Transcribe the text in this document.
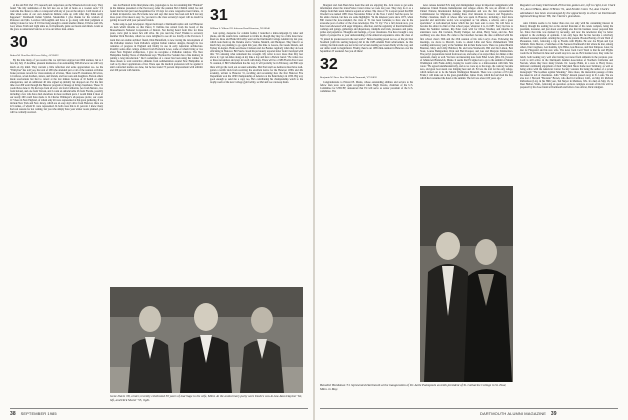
of his and Fell Owl '27's research and conjectures on the Wheelock-Occom story. They found "the tidy summaries of the fall lore are as full of holes as a woolen sock." I'd welcome the chance to talk or correspond with any of you on the subject. I still dream of a time when some of our own American Indians come up with what they think really happened." Dartmouth Indian Symbol. Meanwhile I give thanks for the wisdom of Professor and Mrs. Lovelace McLoughlin and have to go along with their judgment at letting it alone for now. If I'd lived long enough to attend another dinner, I'd have said: Oh, God, whose Truth and Light unite us, In Dartmouth, guide our hearts and minds. Grant us the grace to understand! And so to love our fellow man. Amen.

30
Robert M. Hess Box 86 Green Valley, AZ 85622

By the time many of you receive this we will have enjoyed our 60th reunion, but as I face my July 15 deadline, pleasant memories of an outstanding 50th Powwow are still very much on my mind. They warrant a little reflection and some appreciation too. As the "Thirtyites" has told you, the total of 268 who attended part or all of the reunion activities broke previous records for class reunions of all sizes. There were 83 classmates, 60 wives, 14 widows, seven brothers, sisters, and friends, and four sons and daughters. Eleven others made reservations but had to cancel at the last minute because of ill health or other emergencies, and an additional 40 who signed up initially but dropped out. For the first time over 200 went through the Hanover program of lineage of living classmates. Those 31 would have done it. We had reps from all over: six from California, two from Mexico, two from Ireland, and one from Taiwan, and I count an unbelievable 26 from Florida, possibly including a few who have died elsewhere in more northern parts. I would think it most of our nearly 200 could have made it. In Charles Widmeyer's all-purpose picnic, our count 117 more in New England, of whom only 46 were represented at this great gathering. If we include New York and New Jersey, which are an easy day's drive from Hanover, there are 221 names, of whom 91 were represented. In both cases this is 41 percent. I know many had real reasons for not coming, but you who simply have your winter roosts planned, you will be cordially received.

rate Joe Hanford in his final phone calls. (Apologies to Joe for renaming him "Hanford" in the minutes presented at the Powwow.) After the reunion Bob Chittim called Joe and found that he had just been hospitalized for 18 days for acute congestive heart failure, 11 of them in intensive care. He's home now and says that never has been told he'll last any more years if he takes it easy. So, you next to the class secretary's report will no doubt be getting in touch with your personal friends.

Some sang-to-peel newspaper clipper motivated a Dartmouth native and well Hanover an item which informs us that Pierce V. Delfino has retired from the board of the Massachusetts National Corporation of Detroit. Not having heard from Pete for three years, we're glad to know he's still alive. Do you read me, Pete? Thanks to secretary member Dick Bowden, whom we were delighted to see all too briefly at the Powwow. I learn that our erudite architect friend, Dick Butterfield, is now tracing the development of the Palladian window from Palladio's original Italian window designs, through its two centuries of progress in England and finally its use in early American architecture. Possibly some other college architect from Frederick Lowe, some of whom living or two about New England architecture, I give no recognize a Palladian window. The New Hampshire Sunday News of Manchester says "Harmon Doc Sonders has a fine memory in putting a long introduction." Doc's sometimes of a career has been using her winner for those sheets to total restrictive ailments from sedimentation around New Hampshire as well as by direct applications of her. There sees the medical profession will be against it until controlled studies are done, but he has found 73 percent improvement with arthritic and 100 percent with bursitis.

31
William L. Wilson 225 Jefferson Road Princeton, NJ 08540

Last spring, desperate for column fodder, I launched a mini-campaign by letter and phone, and the results have continued to trickle in, though they may be a little dated now. Read on. Rose and Hank McCarthy went on the Dartmouth College Alumni trip last year, which took them up the Danube and to Vienna, Munich, and Budapest. They liked it so much they are planning to go again this year, this time to Greece, the Greek Islands, and Turkey in August. Hank sees Reese Clarkson and Joe Bonnes regularly when they do look officiating in Hanover. Bill Steck closed his previously reported letter from Cleveland with this: "It's amazing what retirement has wrought. My cellar is now more than fifty feet above it; I get ten miles along on my bike a day and have a Bobcat barrel." He writes two or three newsletters and stays in touch with many. There will be a 1986 Florida East Coast 31 reunion, if Bill Schiefelbein has his way. It will probably be in February, and Bill says there will get the word out as usual sometime. Mal Pratt and Lee Andrews must have rush-gotten a terrific kick from receiving the excellent notice for the Hanover 1930s and 40s academy, written to Hanover 31, recalling and recounting how the first Hanover Fire Department won the 1930 Championship of America at the Penn Relays in 1930. Big way good enough to send me a copy too. He's contributing his championship watch to the trophy room of the new College gym facility, so Mal and Lee can keep theirs.

Gene Davis '28, center, recently celebrated 50 years of marriage to his wife, Mimi. At the anniversary party were Davis's son-in-law Alan Daymer '62, left, and Dick Sharer '55, right.
38 SEPTEMBER 1985

Margaret and Jean Bean have been fine and are enjoying life. Jack wrote to get some information about the trans-France Canal cruise we took last year. They may do it as a change from their usual Jamaica sojourn as winter. The class of '31 is expert proud that Bill Woodall was named 1985 Class Newsletter Editor of the Year. I wish I had the space for his entire citation, but here are some highlights: "In the nineteen years since 1975, when Bill created the now-standard, the class of '31 has been fortunate to have one in the awesome post of editor of the class newsletter, The '31 Up." For a full decade now, you have been showered with eager diligence, affection, and the regularity of that-Dartmouth's comings and goings, gatherings and dispersions, triumphs and trials, pleasures and pains, prides and prejudices. Thoughts and feelings, of your classmates. You have brought a rare depth of perspective to your understanding of the American experience since the class of '31 joined its predecessors in the real world." Before heading proud we too, of the job Don Stoddard (with his sterling helpers) did in the 1985 Alumni Fund achievement. At this writing, the final results are not in but we've been leading our Green Derby all the way, and our dollar result is magnificent. Finally, there's our 1985 mini-reunion in Hanover over the September 23 weekend. See you all there!

32
Benjamin W. Drew Box 264 South Yarmouth, VT 05859

Congratulations to Edward B. Marks, whose outstanding abilities and service to his fellow men were once again recognized when Hugh Downs, chairman of the U.S. Committee for UNICEF, announced that Ed will serve as senior president of the U.S. committee. The

news release detailed Ed's long and distinguished career in important assignments with numerous United Nations humanitarian and refugee efforts. He was an official of the United Nations International Refugee Organization and was the first representative Commissioner for Migration, running three vital missions in Greece and Yugoslavia. Further classmate, much of whose time was spent in Hanover, including a brief more peaceful and survivable world, was recognized as "an athlete, a scholar, and a great sportsman." A well-deserved honor which has just been ours to note. We will have to become the editor in chief of that school paper, whatever it is, in 1987. Sorry but late to make the Summer reunion, Rip Poler went wild for Oliver Weather, and informs its attendance were Jim Carleton, Hoddy Pemper, Art Allen, Harry Stout, and me. Bob Aschburg was also there. He came to the bleachers because the date conflicted with his first school class's 50th and the 25th reunion of his wife Lucy's class. Following the meetings, we drove to Marvell, Conn. to attend Lillie and Steve Zimmerman's 50th wedding anniversary party at the Summer Inn in their home town. There we joined Martin Brandon, Mary and Libby Hubbard, Bo and Gina Wentworth, Bill and Dot Limon, Bob Stout, Louise Bumgardner, Dick and Bud Pouquet, and Gus and Marjorie Zimmerman. The party's preparations lasted from noon on, and some of us stayed there for dinner at that restaurant, many as well. We have an interesting note from Ethel Lewis (Mrs. Ed.) lowest of Johnstown Brunswick, Maine. It seems that Ed signed on to go to the summit of Mount Washington with Frank Ashby, hoping he would come to a mini-reunion with him. She wrote: "He agreed unenthusiastically, and as we were up to the stage, the contrary became zero, and great boat steam was bringing heat and all. Ed was the trail for the only refuge, which turned out to be the Mount Washington Museum. There was a picture of Ed and Frank; I will make out to the great-grandfather, James Clark, which had survived the fire, which had consumed the hotel at the summit. The fell was about 100 years ago."

Regulars at many Dartmouth-Princeton games are, left to right, Len Clark '31, Ann O'Hara, Rose O'Brien '31, and Emilie Coles '34, Ann Clark's attendance has been encouraged by the opportunity to cheer on Dartmouth tightend Doug Knee '86, the Clarks's grandson.

Alex Christie seems to be busier than ever, not only with his consuming interest in history through his reading but as the elected historian of his condo complex, being the president, treasurer, and just about everything else that his business career prepared him for. Since that time was marked by necessity, and now the newsletter may be better adapted to the exchange of opinions. I can only hope that he has become a relatively unbiased reasoned student, relating the past to the present. Brooks Hornig of Cent Ward of Pleasanton, Calif., following a trip to Florida with Phyllis. He saw Joe Bryan and Lyn Schmidt. Dave Mercer, a Santchees of the Sarasota Dartmouth Club where he met, among others, Dan Cragmore, Len Kashtin, Lyle Hiller, Gus Moroso, and Don Simpson. Later, he met Al Fitzgerald and his new wife. The news from Cecil Ward is that he and Phyllis would be in Vermont in June and would stop in to see us. He'd learned over, they came for lunch, both looking very well after having recovered from ailments in the previous year. Cecil is still active in the Dartmouth Alumni Association of Northern California and Nevada, where they have many friends. Dr. George Hahn, in a note to Harry Rowe, indicated continuing enjoyment of their Maryland Shore home near Salisbury, as well as being active with the American Cancer Society veterans his being the author of a recent monograph "The Goddess against Smoking." Once more, the inexorable passage of time has taken its toll of classmates. John "Whitey" Ahearn passed away in St. Louis. We are also lost J. Howard "Brownie" Brown, who died in Carlsbad, Calif., on May 20. Richard Richardson (Liz), in his 89th year, Ted Meyer in Madison, Wis. Ira died on May 16, in Deer Harbor, Wash., following an operation. A more complete account of his life will be prepared by his close friend at Dartmouth and fellow class officer, Dick Lindgren.

Benedict Hardsman '31 represented Dartmouth at the inauguration of Dr. Antle Pamspouls as tenth president of St. Catharine College in St. Paul, Minn. in May.
DARTMOUTH ALUMNI MAGAZINE 39
